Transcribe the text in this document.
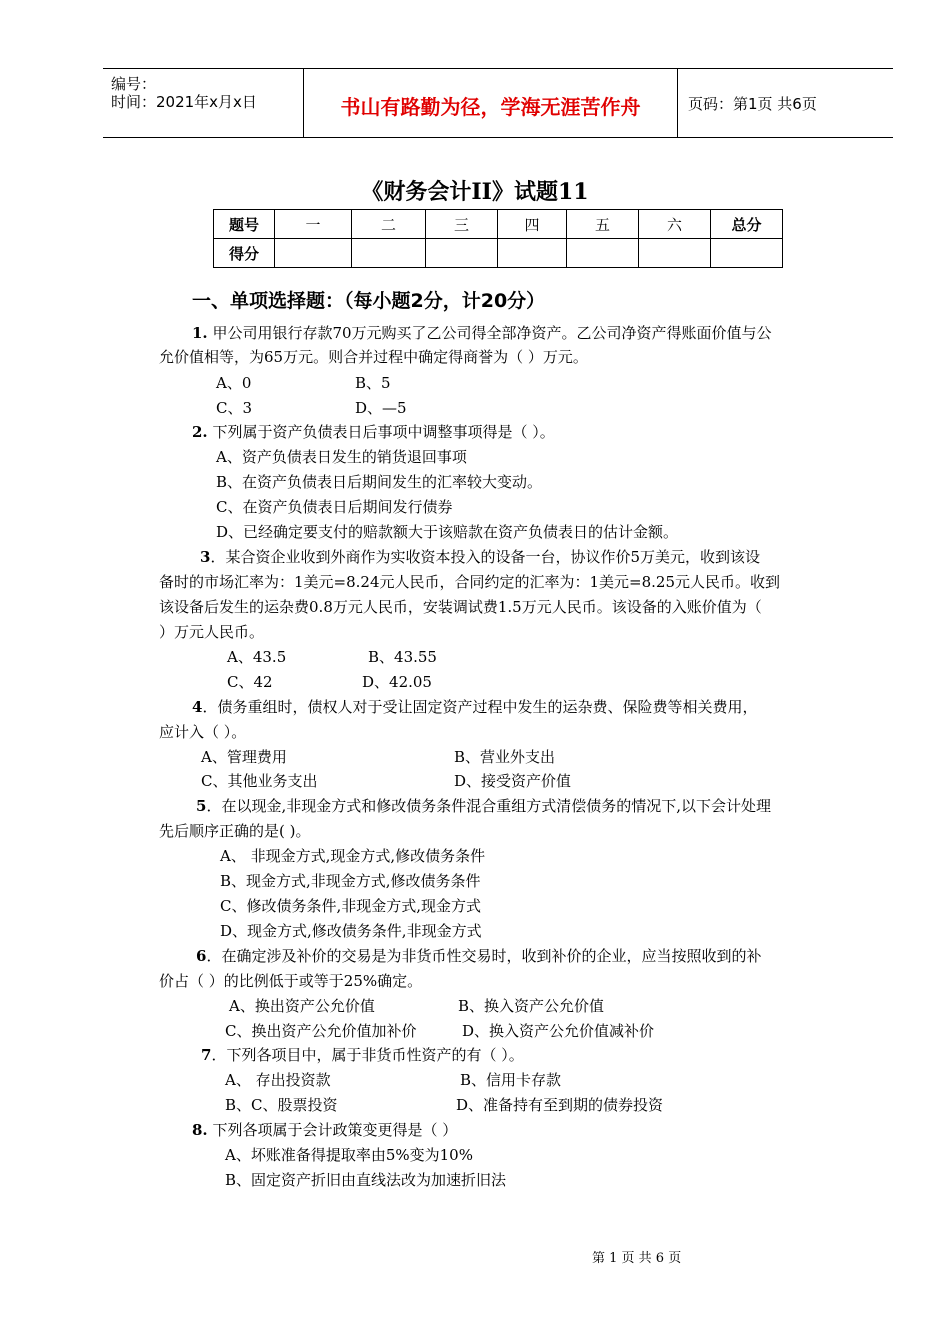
编号：
时间：2021年x月x日	书山有路勤为径，学海无涯苦作舟	页码：第1页 共6页
《财务会计II》试题11
题号	一	二	三	四	五	六	总分
得分							
一、单项选择题：（每小题2分，计20分）
1. 甲公司用银行存款70万元购买了乙公司得全部净资产。乙公司净资产得账面价值与公
允价值相等，为65万元。则合并过程中确定得商誉为（ ）万元。
A、0	B、5
C、3	D、—5
2. 下列属于资产负债表日后事项中调整事项得是（ ）。
A、资产负债表日发生的销货退回事项
B、在资产负债表日后期间发生的汇率较大变动。
C、在资产负债表日后期间发行债券
D、已经确定要支付的赔款额大于该赔款在资产负债表日的估计金额。
3．某合资企业收到外商作为实收资本投入的设备一台，协议作价5万美元，收到该设
备时的市场汇率为：1美元=8.24元人民币，合同约定的汇率为：1美元=8.25元人民币。收到
该设备后发生的运杂费0.8万元人民币，安装调试费1.5万元人民币。该设备的入账价值为（
）万元人民币。
A、43.5	B、43.55
C、42	D、42.05
4．债务重组时，债权人对于受让固定资产过程中发生的运杂费、保险费等相关费用，
应计入（ ）。
A、管理费用	B、营业外支出
C、其他业务支出	D、接受资产价值
5．在以现金,非现金方式和修改债务条件混合重组方式清偿债务的情况下,以下会计处理
先后顺序正确的是( )。
A、 非现金方式,现金方式,修改债务条件
B、现金方式,非现金方式,修改债务条件
C、修改债务条件,非现金方式,现金方式
D、现金方式,修改债务条件,非现金方式
6．在确定涉及补价的交易是为非货币性交易时，收到补价的企业，应当按照收到的补
价占（ ）的比例低于或等于25%确定。
A、换出资产公允价值	B、换入资产公允价值
C、换出资产公允价值加补价	D、换入资产公允价值减补价
7．下列各项目中，属于非货币性资产的有（ ）。
A、 存出投资款	B、信用卡存款
B、C、股票投资	D、准备持有至到期的债券投资
8. 下列各项属于会计政策变更得是（ ）
A、坏账准备得提取率由5%变为10%
B、固定资产折旧由直线法改为加速折旧法
第 1 页 共 6 页
